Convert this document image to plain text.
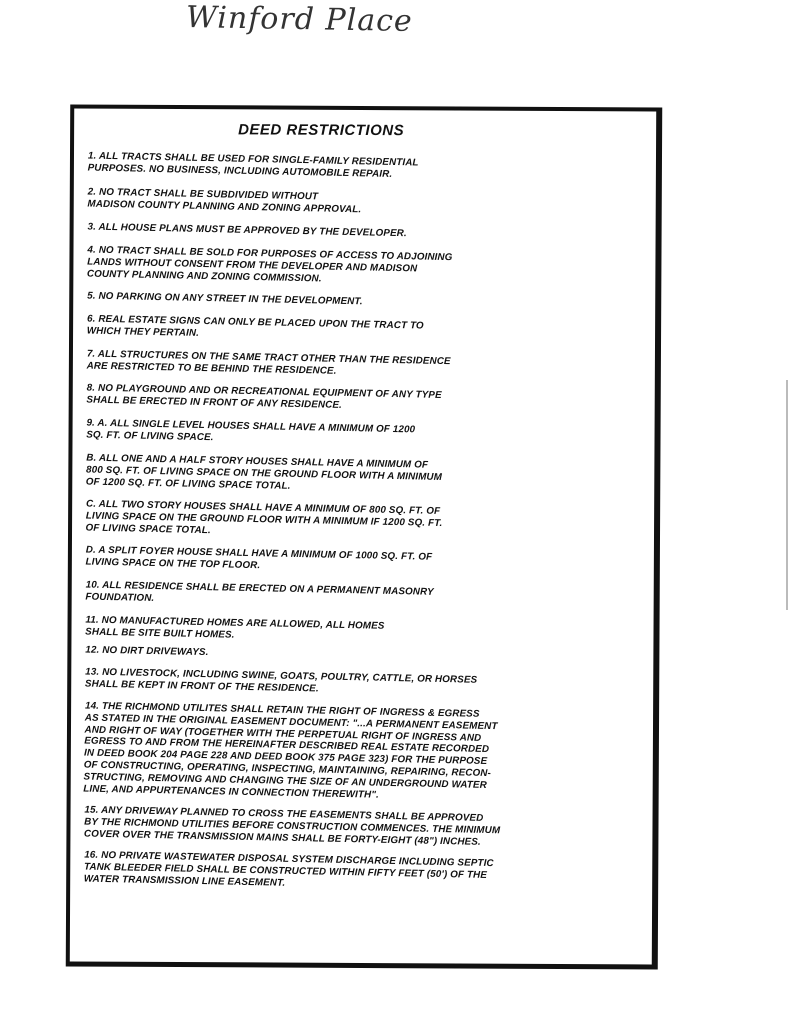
Winford Place
DEED RESTRICTIONS

1. ALL TRACTS SHALL BE USED FOR SINGLE-FAMILY RESIDENTIAL
PURPOSES. NO BUSINESS, INCLUDING AUTOMOBILE REPAIR.

2. NO TRACT SHALL BE SUBDIVIDED WITHOUT
MADISON COUNTY PLANNING AND ZONING APPROVAL.

3. ALL HOUSE PLANS MUST BE APPROVED BY THE DEVELOPER.

4. NO TRACT SHALL BE SOLD FOR PURPOSES OF ACCESS TO ADJOINING
LANDS WITHOUT CONSENT FROM THE DEVELOPER AND MADISON
COUNTY PLANNING AND ZONING COMMISSION.

5. NO PARKING ON ANY STREET IN THE DEVELOPMENT.

6. REAL ESTATE SIGNS CAN ONLY BE PLACED UPON THE TRACT TO
WHICH THEY PERTAIN.

7. ALL STRUCTURES ON THE SAME TRACT OTHER THAN THE RESIDENCE
ARE RESTRICTED TO BE BEHIND THE RESIDENCE.

8. NO PLAYGROUND AND OR RECREATIONAL EQUIPMENT OF ANY TYPE
SHALL BE ERECTED IN FRONT OF ANY RESIDENCE.

9. A. ALL SINGLE LEVEL HOUSES SHALL HAVE A MINIMUM OF 1200
SQ. FT. OF LIVING SPACE.

B. ALL ONE AND A HALF STORY HOUSES SHALL HAVE A MINIMUM OF
800 SQ. FT. OF LIVING SPACE ON THE GROUND FLOOR WITH A MINIMUM
OF 1200 SQ. FT. OF LIVING SPACE TOTAL.

C. ALL TWO STORY HOUSES SHALL HAVE A MINIMUM OF 800 SQ. FT. OF
LIVING SPACE ON THE GROUND FLOOR WITH A MINIMUM IF 1200 SQ. FT.
OF LIVING SPACE TOTAL.

D. A SPLIT FOYER HOUSE SHALL HAVE A MINIMUM OF 1000 SQ. FT. OF
LIVING SPACE ON THE TOP FLOOR.

10. ALL RESIDENCE SHALL BE ERECTED ON A PERMANENT MASONRY
FOUNDATION.

11. NO MANUFACTURED HOMES ARE ALLOWED, ALL HOMES
SHALL BE SITE BUILT HOMES.

12. NO DIRT DRIVEWAYS.

13. NO LIVESTOCK, INCLUDING SWINE, GOATS, POULTRY, CATTLE, OR HORSES
SHALL BE KEPT IN FRONT OF THE RESIDENCE.

14. THE RICHMOND UTILITES SHALL RETAIN THE RIGHT OF INGRESS & EGRESS
AS STATED IN THE ORIGINAL EASEMENT DOCUMENT: "...A PERMANENT EASEMENT
AND RIGHT OF WAY (TOGETHER WITH THE PERPETUAL RIGHT OF INGRESS AND
EGRESS TO AND FROM THE HEREINAFTER DESCRIBED REAL ESTATE RECORDED
IN DEED BOOK 204 PAGE 228 AND DEED BOOK 375 PAGE 323) FOR THE PURPOSE
OF CONSTRUCTING, OPERATING, INSPECTING, MAINTAINING, REPAIRING, RECON-
STRUCTING, REMOVING AND CHANGING THE SIZE OF AN UNDERGROUND WATER
LINE, AND APPURTENANCES IN CONNECTION THEREWITH".

15. ANY DRIVEWAY PLANNED TO CROSS THE EASEMENTS SHALL BE APPROVED
BY THE RICHMOND UTILITIES BEFORE CONSTRUCTION COMMENCES. THE MINIMUM
COVER OVER THE TRANSMISSION MAINS SHALL BE FORTY-EIGHT (48") INCHES.

16. NO PRIVATE WASTEWATER DISPOSAL SYSTEM DISCHARGE INCLUDING SEPTIC
TANK BLEEDER FIELD SHALL BE CONSTRUCTED WITHIN FIFTY FEET (50') OF THE
WATER TRANSMISSION LINE EASEMENT.
